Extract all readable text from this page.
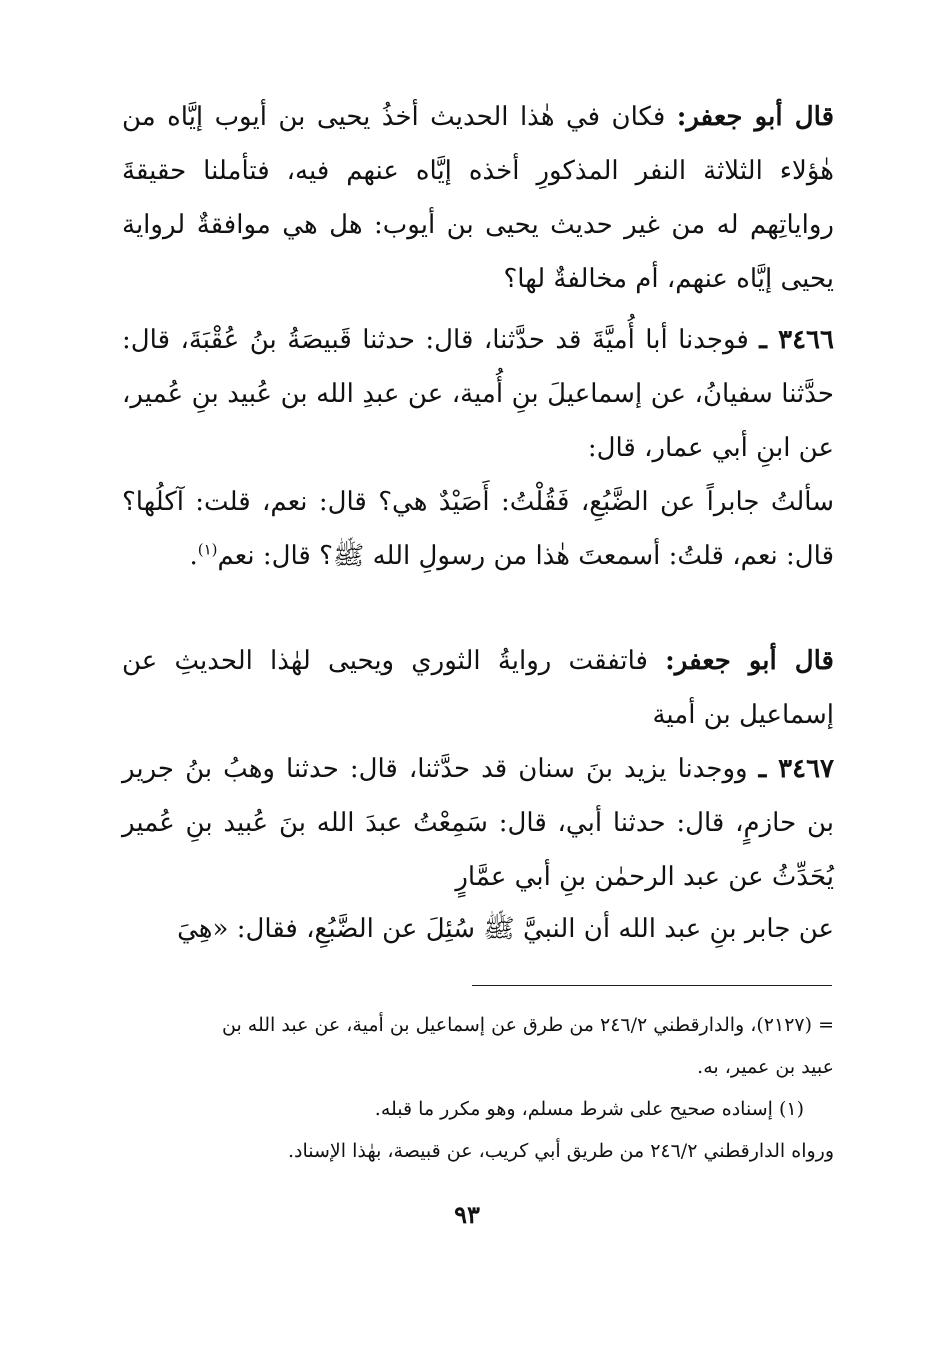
قال أبو جعفر: فكان في هٰذا الحديث أخذُ يحيى بن أيوب إيَّاه من هٰؤلاء الثلاثة النفر المذكورِ أخذه إيَّاه عنهم فيه، فتأملنا حقيقةَ رواياتِهم له من غير حديث يحيى بن أيوب: هل هي موافقةٌ لرواية يحيى إيَّاه عنهم، أم مخالفةٌ لها؟

٣٤٦٦ ـ فوجدنا أبا أُميَّةَ قد حدَّثنا، قال: حدثنا قَبيصَةُ بنُ عُقْبَةَ، قال: حدَّثنا سفيانُ، عن إسماعيلَ بنِ أُمية، عن عبدِ الله بن عُبيد بنِ عُمير، عن ابنِ أبي عمار، قال:

سألتُ جابراً عن الضَّبُعِ، فَقُلْتُ: أَصَيْدٌ هي؟ قال: نعم، قلت: آكلُها؟ قال: نعم، قلتُ: أسمعتَ هٰذا من رسولِ الله ﷺ؟ قال: نعم$^{(١)}$.

قال أبو جعفر: فاتفقت روايةُ الثوري ويحيى لهٰذا الحديثِ عن إسماعيل بن أمية

٣٤٦٧ ـ ووجدنا يزيد بنَ سنان قد حدَّثنا، قال: حدثنا وهبُ بنُ جرير بن حازمٍ، قال: حدثنا أبي، قال: سَمِعْتُ عبدَ الله بنَ عُبيد بنِ عُمير يُحَدِّثُ عن عبد الرحمٰن بنِ أبي عمَّارٍ

عن جابر بنِ عبد الله أن النبيَّ ﷺ سُئِلَ عن الضَّبُعِ، فقال: «هِيَ

= (٢١٢٧)، والدارقطني ٢٤٦/٢ من طرق عن إسماعيل بن أمية، عن عبد الله بن

عبيد بن عمير، به.

(١) إسناده صحيح على شرط مسلم، وهو مكرر ما قبله.

ورواه الدارقطني ٢٤٦/٢ من طريق أبي كريب، عن قبيصة، بهٰذا الإسناد.

٩٣
